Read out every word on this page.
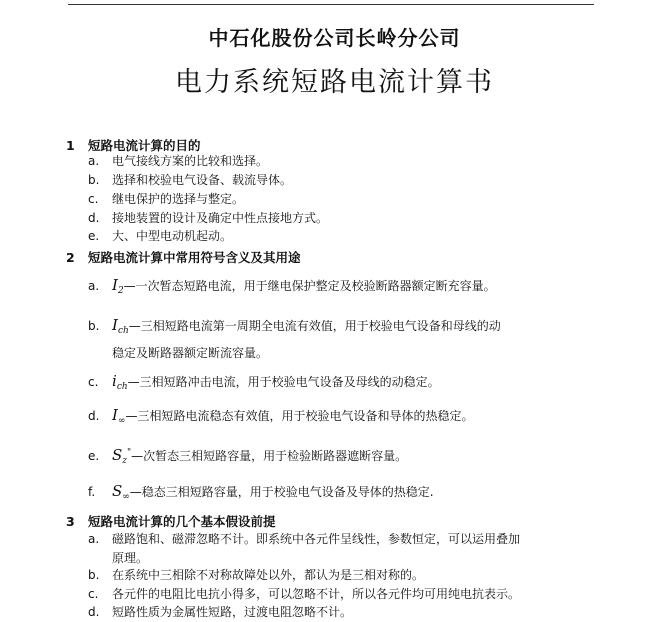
中石化股份公司长岭分公司
电力系统短路电流计算书
1 短路电流计算的目的
a. 电气接线方案的比较和选择。
b. 选择和校验电气设备、载流导体。
c. 继电保护的选择与整定。
d. 接地装置的设计及确定中性点接地方式。
e. 大、中型电动机起动。
2 短路电流计算中常用符号含义及其用途
a. $I_2—$一次暂态短路电流，用于继电保护整定及校验断路器额定断充容量。
b. $I_{ch}—$三相短路电流第一周期全电流有效值，用于校验电气设备和母线的动
稳定及断路器额定断流容量。
c. $i_{ch}—$三相短路冲击电流，用于校验电气设备及母线的动稳定。
d. $I_\infty—$三相短路电流稳态有效值，用于校验电气设备和导体的热稳定。
e. $S_z^"—$次暂态三相短路容量，用于检验断路器遮断容量。
f. $S_\infty—$稳态三相短路容量，用于校验电气设备及导体的热稳定.
3 短路电流计算的几个基本假设前提
a. 磁路饱和、磁滞忽略不计。即系统中各元件呈线性，参数恒定，可以运用叠加
原理。
b. 在系统中三相除不对称故障处以外，都认为是三相对称的。
c. 各元件的电阻比电抗小得多，可以忽略不计，所以各元件均可用纯电抗表示。
d. 短路性质为金属性短路，过渡电阻忽略不计。
